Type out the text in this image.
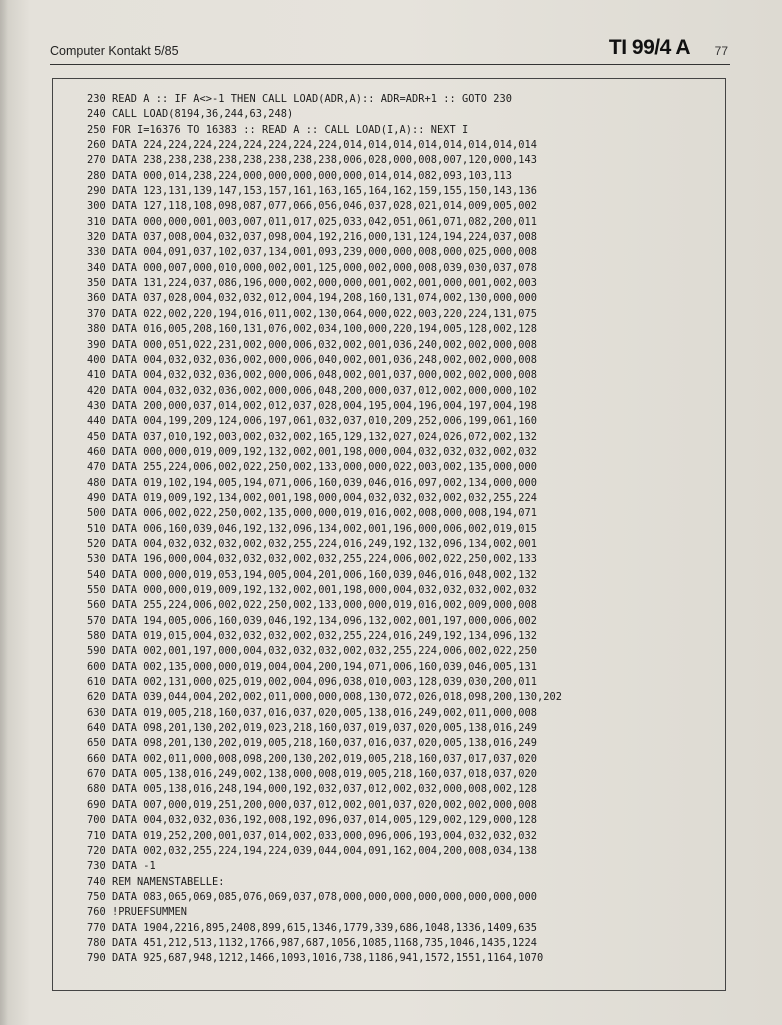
Computer Kontakt 5/85	TI 99/4 A 77
230 READ A :: IF A<>-1 THEN CALL LOAD(ADR,A):: ADR=ADR+1 :: GOTO 230
240 CALL LOAD(8194,36,244,63,248)
250 FOR I=16376 TO 16383 :: READ A :: CALL LOAD(I,A):: NEXT I
260 DATA 224,224,224,224,224,224,224,224,014,014,014,014,014,014,014,014
270 DATA 238,238,238,238,238,238,238,238,006,028,000,008,007,120,000,143
280 DATA 000,014,238,224,000,000,000,000,000,014,014,082,093,103,113
290 DATA 123,131,139,147,153,157,161,163,165,164,162,159,155,150,143,136
300 DATA 127,118,108,098,087,077,066,056,046,037,028,021,014,009,005,002
310 DATA 000,000,001,003,007,011,017,025,033,042,051,061,071,082,200,011
320 DATA 037,008,004,032,037,098,004,192,216,000,131,124,194,224,037,008
330 DATA 004,091,037,102,037,134,001,093,239,000,000,008,000,025,000,008
340 DATA 000,007,000,010,000,002,001,125,000,002,000,008,039,030,037,078
350 DATA 131,224,037,086,196,000,002,000,000,001,002,001,000,001,002,003
360 DATA 037,028,004,032,032,012,004,194,208,160,131,074,002,130,000,000
370 DATA 022,002,220,194,016,011,002,130,064,000,022,003,220,224,131,075
380 DATA 016,005,208,160,131,076,002,034,100,000,220,194,005,128,002,128
390 DATA 000,051,022,231,002,000,006,032,002,001,036,240,002,002,000,008
400 DATA 004,032,032,036,002,000,006,040,002,001,036,248,002,002,000,008
410 DATA 004,032,032,036,002,000,006,048,002,001,037,000,002,002,000,008
420 DATA 004,032,032,036,002,000,006,048,200,000,037,012,002,000,000,102
430 DATA 200,000,037,014,002,012,037,028,004,195,004,196,004,197,004,198
440 DATA 004,199,209,124,006,197,061,032,037,010,209,252,006,199,061,160
450 DATA 037,010,192,003,002,032,002,165,129,132,027,024,026,072,002,132
460 DATA 000,000,019,009,192,132,002,001,198,000,004,032,032,032,002,032
470 DATA 255,224,006,002,022,250,002,133,000,000,022,003,002,135,000,000
480 DATA 019,102,194,005,194,071,006,160,039,046,016,097,002,134,000,000
490 DATA 019,009,192,134,002,001,198,000,004,032,032,032,002,032,255,224
500 DATA 006,002,022,250,002,135,000,000,019,016,002,008,000,008,194,071
510 DATA 006,160,039,046,192,132,096,134,002,001,196,000,006,002,019,015
520 DATA 004,032,032,032,002,032,255,224,016,249,192,132,096,134,002,001
530 DATA 196,000,004,032,032,032,002,032,255,224,006,002,022,250,002,133
540 DATA 000,000,019,053,194,005,004,201,006,160,039,046,016,048,002,132
550 DATA 000,000,019,009,192,132,002,001,198,000,004,032,032,032,002,032
560 DATA 255,224,006,002,022,250,002,133,000,000,019,016,002,009,000,008
570 DATA 194,005,006,160,039,046,192,134,096,132,002,001,197,000,006,002
580 DATA 019,015,004,032,032,032,002,032,255,224,016,249,192,134,096,132
590 DATA 002,001,197,000,004,032,032,032,002,032,255,224,006,002,022,250
600 DATA 002,135,000,000,019,004,004,200,194,071,006,160,039,046,005,131
610 DATA 002,131,000,025,019,002,004,096,038,010,003,128,039,030,200,011
620 DATA 039,044,004,202,002,011,000,000,008,130,072,026,018,098,200,130,202
630 DATA 019,005,218,160,037,016,037,020,005,138,016,249,002,011,000,008
640 DATA 098,201,130,202,019,023,218,160,037,019,037,020,005,138,016,249
650 DATA 098,201,130,202,019,005,218,160,037,016,037,020,005,138,016,249
660 DATA 002,011,000,008,098,200,130,202,019,005,218,160,037,017,037,020
670 DATA 005,138,016,249,002,138,000,008,019,005,218,160,037,018,037,020
680 DATA 005,138,016,248,194,000,192,032,037,012,002,032,000,008,002,128
690 DATA 007,000,019,251,200,000,037,012,002,001,037,020,002,002,000,008
700 DATA 004,032,032,036,192,008,192,096,037,014,005,129,002,129,000,128
710 DATA 019,252,200,001,037,014,002,033,000,096,006,193,004,032,032,032
720 DATA 002,032,255,224,194,224,039,044,004,091,162,004,200,008,034,138
730 DATA -1
740 REM NAMENSTABELLE:
750 DATA 083,065,069,085,076,069,037,078,000,000,000,000,000,000,000,000
760 !PRUEFSUMMEN
770 DATA 1904,2216,895,2408,899,615,1346,1779,339,686,1048,1336,1409,635
780 DATA 451,212,513,1132,1766,987,687,1056,1085,1168,735,1046,1435,1224
790 DATA 925,687,948,1212,1466,1093,1016,738,1186,941,1572,1551,1164,1070
